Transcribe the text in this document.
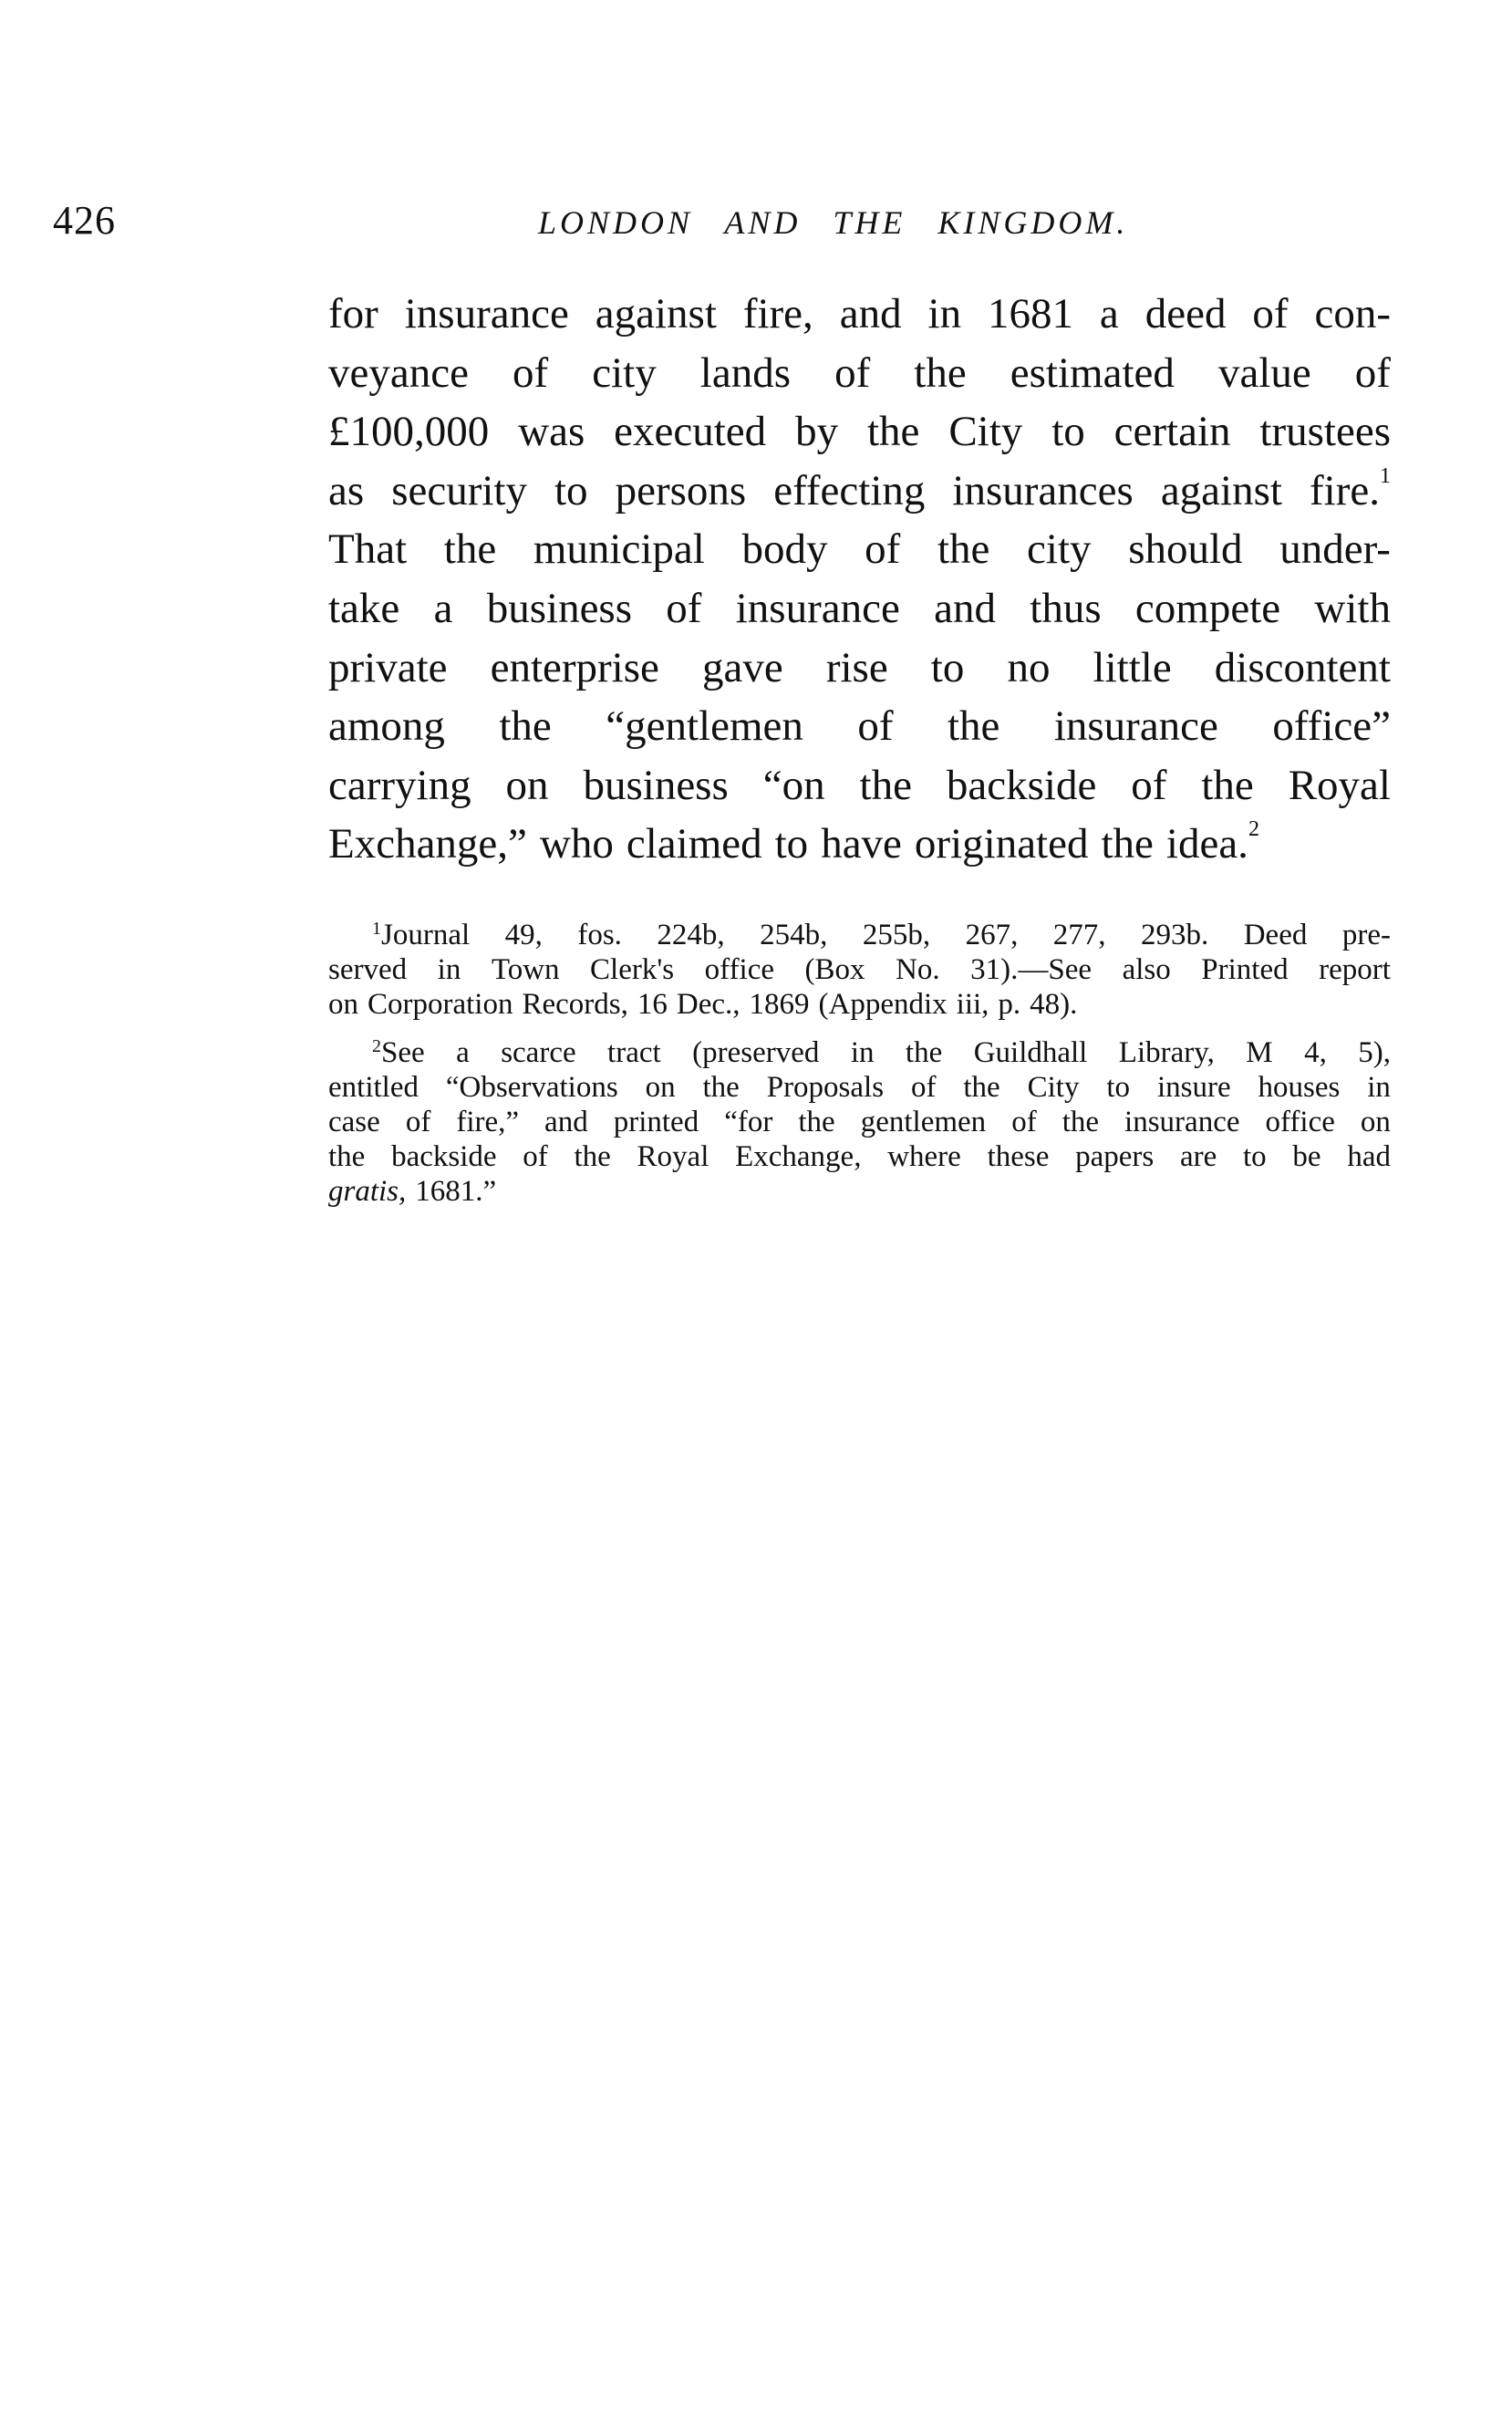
426	LONDON AND THE KINGDOM.
for insurance against fire, and in 1681 a deed of con-
veyance of city lands of the estimated value of
£100,000 was executed by the City to certain trustees
as security to persons effecting insurances against fire.$^1$
That the municipal body of the city should under-
take a business of insurance and thus compete with
private enterprise gave rise to no little discontent
among the “gentlemen of the insurance office”
carrying on business “on the backside of the Royal
Exchange,” who claimed to have originated the idea.$^2$
$^1$Journal 49, fos. 224b, 254b, 255b, 267, 277, 293b. Deed pre-
served in Town Clerk's office (Box No. 31).—See also Printed report
on Corporation Records, 16 Dec., 1869 (Appendix iii, p. 48).
$^2$See a scarce tract (preserved in the Guildhall Library, M 4, 5),
entitled “Observations on the Proposals of the City to insure houses in
case of fire,” and printed “for the gentlemen of the insurance office on
the backside of the Royal Exchange, where these papers are to be had
gratis, 1681.”
